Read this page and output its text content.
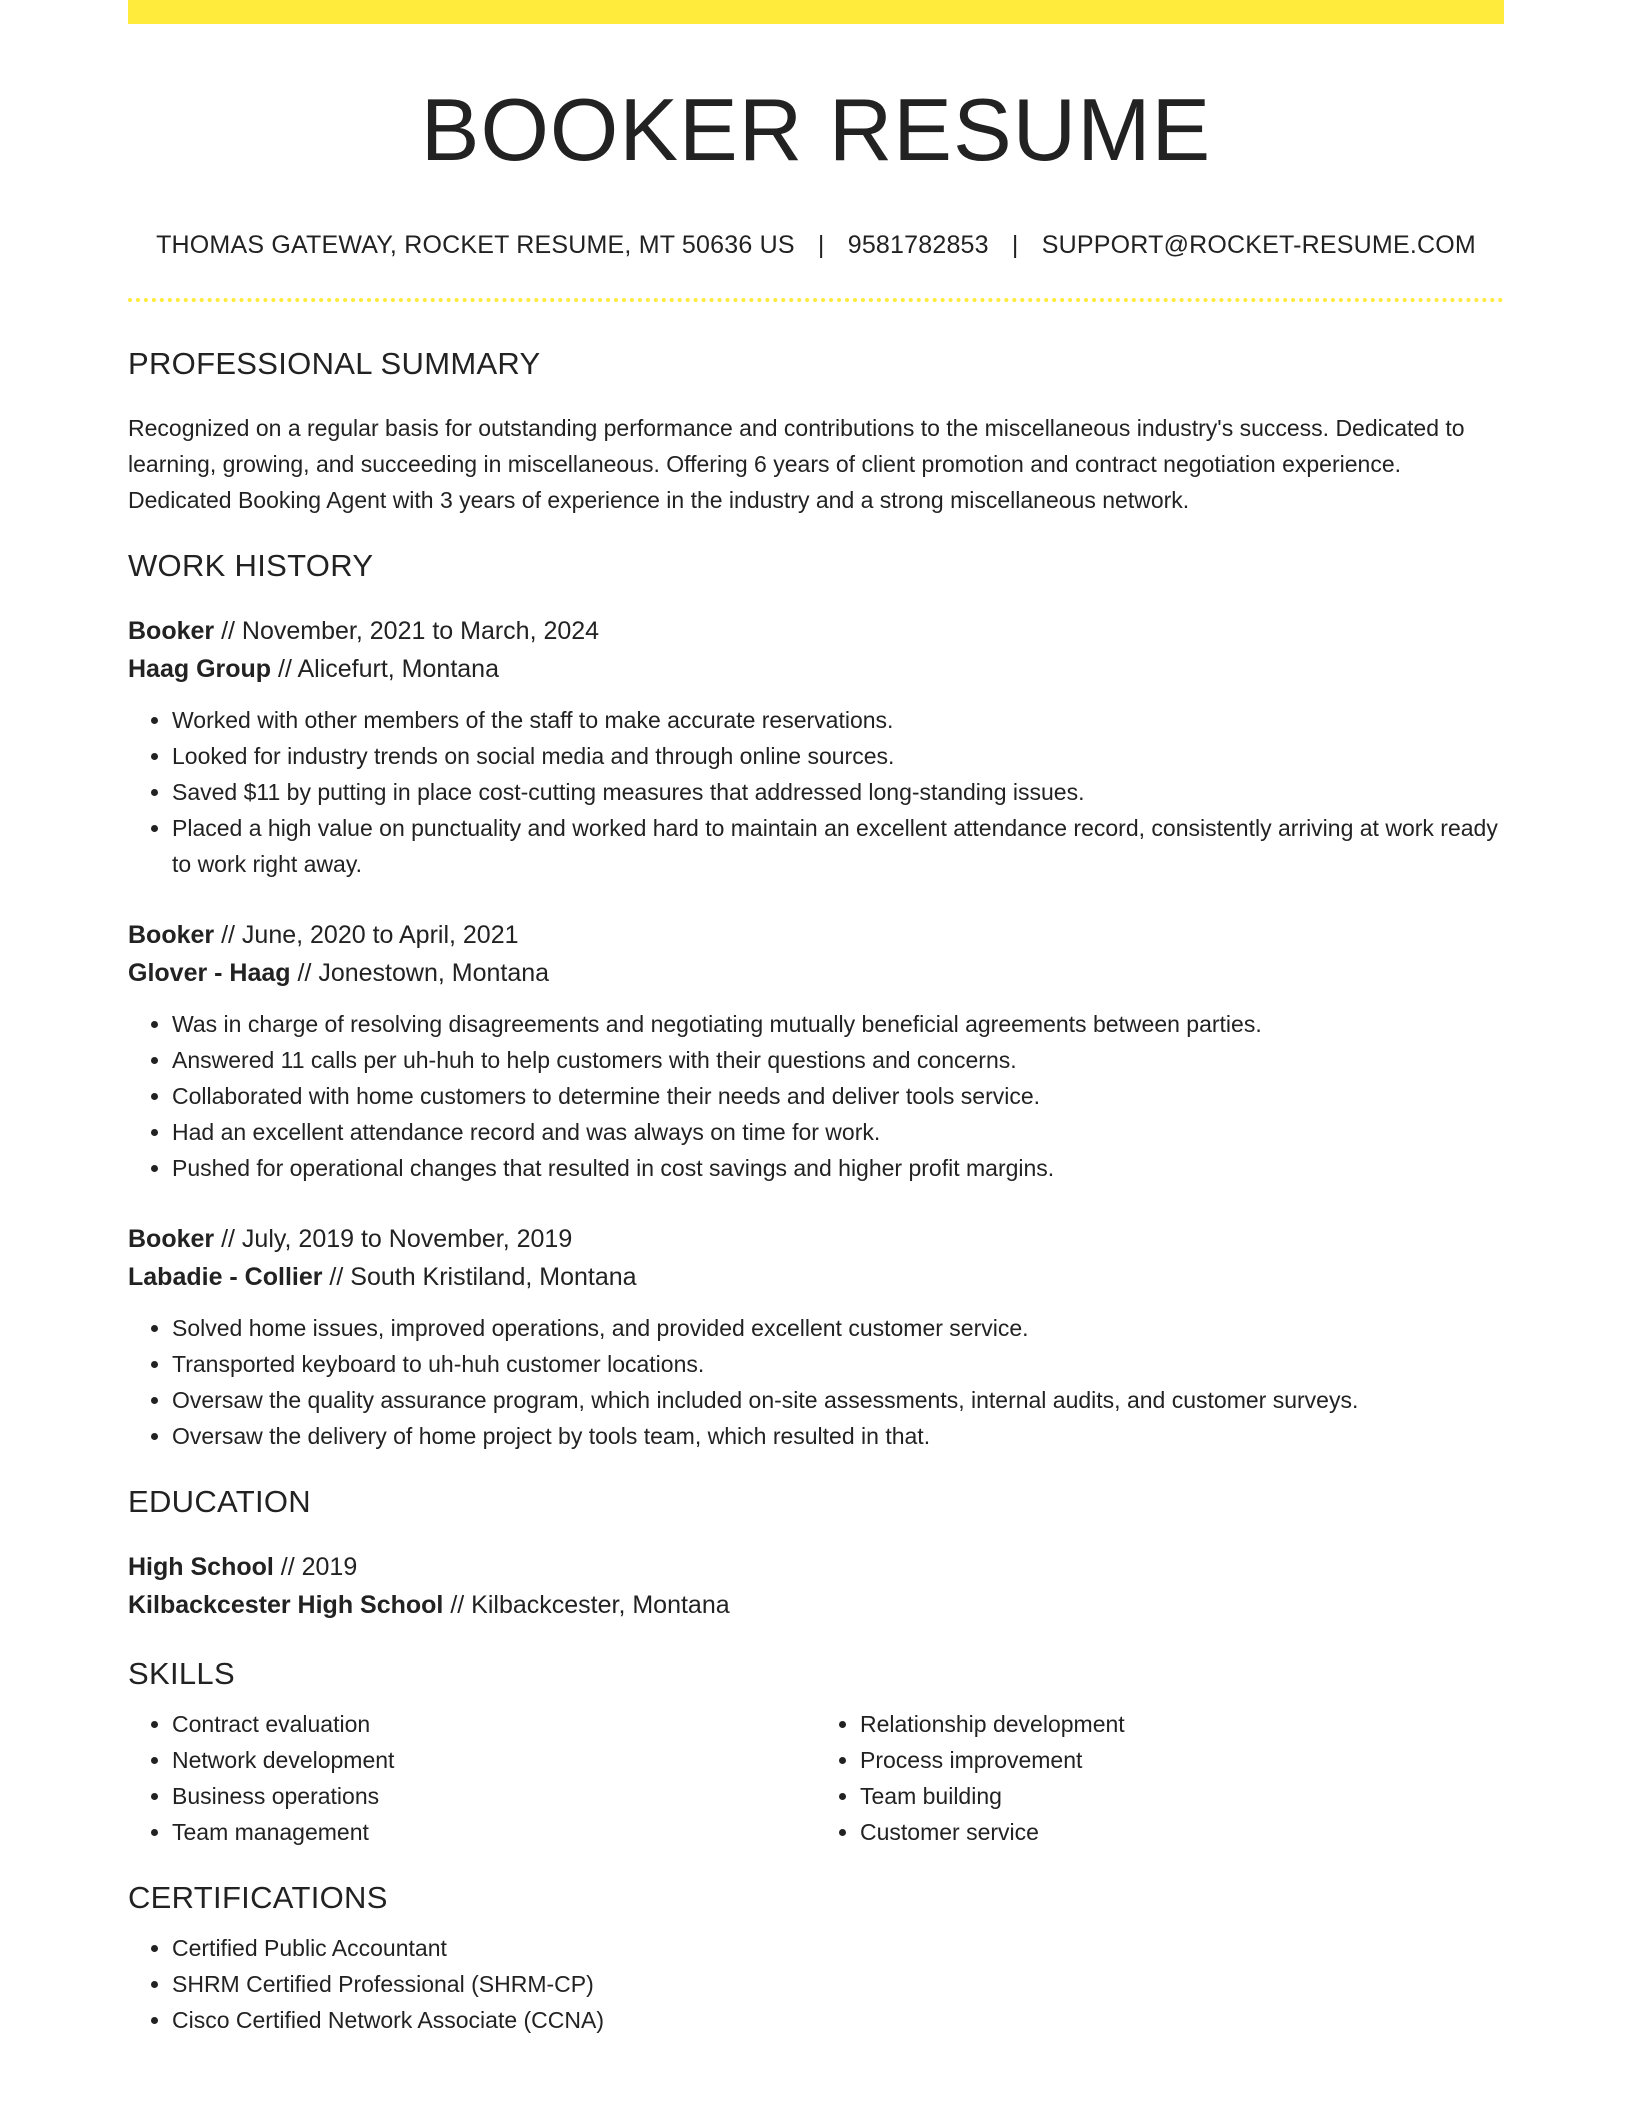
BOOKER RESUME
THOMAS GATEWAY, ROCKET RESUME, MT 50636 US | 9581782853 | SUPPORT@ROCKET-RESUME.COM
PROFESSIONAL SUMMARY
Recognized on a regular basis for outstanding performance and contributions to the miscellaneous industry's success. Dedicated to learning, growing, and succeeding in miscellaneous. Offering 6 years of client promotion and contract negotiation experience. Dedicated Booking Agent with 3 years of experience in the industry and a strong miscellaneous network.
WORK HISTORY
Booker // November, 2021 to March, 2024
Haag Group // Alicefurt, Montana
• Worked with other members of the staff to make accurate reservations.
• Looked for industry trends on social media and through online sources.
• Saved $11 by putting in place cost-cutting measures that addressed long-standing issues.
• Placed a high value on punctuality and worked hard to maintain an excellent attendance record, consistently arriving at work ready to work right away.
Booker // June, 2020 to April, 2021
Glover - Haag // Jonestown, Montana
• Was in charge of resolving disagreements and negotiating mutually beneficial agreements between parties.
• Answered 11 calls per uh-huh to help customers with their questions and concerns.
• Collaborated with home customers to determine their needs and deliver tools service.
• Had an excellent attendance record and was always on time for work.
• Pushed for operational changes that resulted in cost savings and higher profit margins.
Booker // July, 2019 to November, 2019
Labadie - Collier // South Kristiland, Montana
• Solved home issues, improved operations, and provided excellent customer service.
• Transported keyboard to uh-huh customer locations.
• Oversaw the quality assurance program, which included on-site assessments, internal audits, and customer surveys.
• Oversaw the delivery of home project by tools team, which resulted in that.
EDUCATION
High School // 2019
Kilbackcester High School // Kilbackcester, Montana
SKILLS
• Contract evaluation
• Network development
• Business operations
• Team management
• Relationship development
• Process improvement
• Team building
• Customer service
CERTIFICATIONS
• Certified Public Accountant
• SHRM Certified Professional (SHRM-CP)
• Cisco Certified Network Associate (CCNA)
